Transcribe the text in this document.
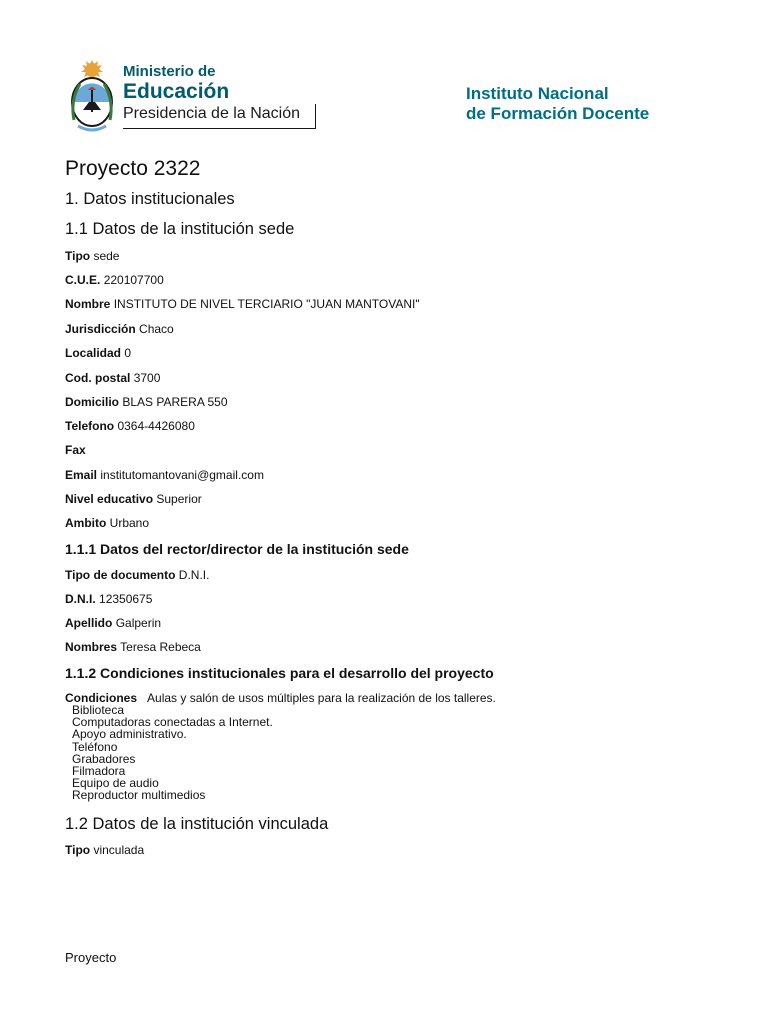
Ministerio de
Educación
Presidencia de la Nación
Instituto Nacional
de Formación Docente
Proyecto 2322
1. Datos institucionales
1.1 Datos de la institución sede
Tipo sede
C.U.E. 220107700
Nombre INSTITUTO DE NIVEL TERCIARIO "JUAN MANTOVANI"
Jurisdicción Chaco
Localidad 0
Cod. postal 3700
Domicilio BLAS PARERA 550
Telefono 0364-4426080
Fax
Email institutomantovani@gmail.com
Nivel educativo Superior
Ambito Urbano
1.1.1 Datos del rector/director de la institución sede
Tipo de documento D.N.I.
D.N.I. 12350675
Apellido Galperin
Nombres Teresa Rebeca
1.1.2 Condiciones institucionales para el desarrollo del proyecto
Condiciones Aulas y salón de usos múltiples para la realización de los talleres.
Biblioteca
Computadoras conectadas a Internet.
Apoyo administrativo.
Teléfono
Grabadores
Filmadora
Equipo de audio
Reproductor multimedios
1.2 Datos de la institución vinculada
Tipo vinculada
Proyecto
